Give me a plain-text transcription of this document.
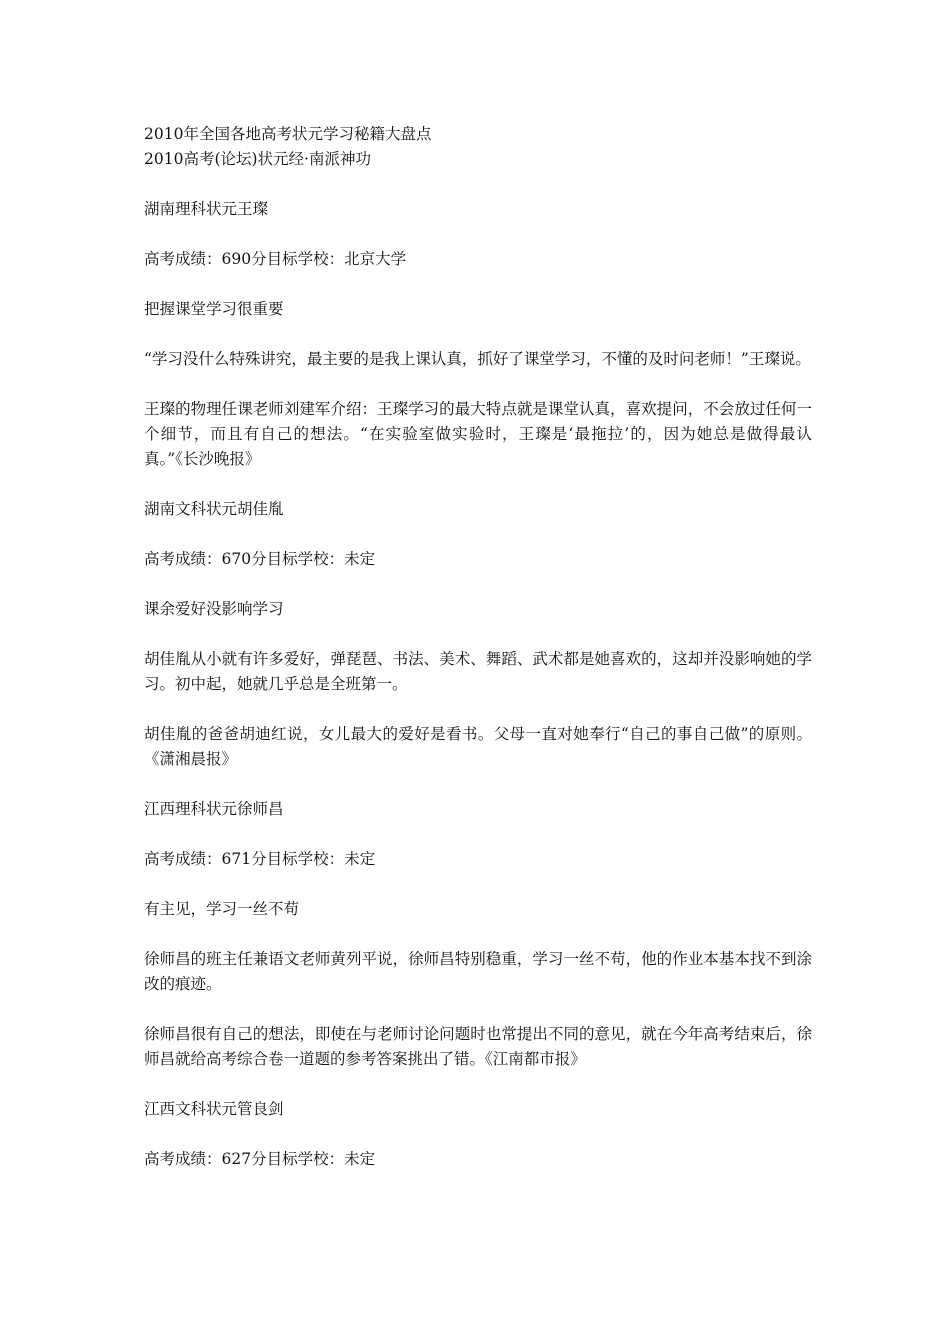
2010年全国各地高考状元学习秘籍大盘点

2010高考(论坛)状元经·南派神功

湖南理科状元王璨

高考成绩：690分目标学校：北京大学

把握课堂学习很重要

“学习没什么特殊讲究，最主要的是我上课认真，抓好了课堂学习，不懂的及时问老师！”王璨说。

王璨的物理任课老师刘建军介绍：王璨学习的最大特点就是课堂认真，喜欢提问，不会放过任何一个细节，而且有自己的想法。“在实验室做实验时，王璨是‘最拖拉’的，因为她总是做得最认真。”《长沙晚报》

湖南文科状元胡佳胤

高考成绩：670分目标学校：未定

课余爱好没影响学习

胡佳胤从小就有许多爱好，弹琵琶、书法、美术、舞蹈、武术都是她喜欢的，这却并没影响她的学习。初中起，她就几乎总是全班第一。

胡佳胤的爸爸胡迪红说，女儿最大的爱好是看书。父母一直对她奉行“自己的事自己做”的原则。《潇湘晨报》

江西理科状元徐师昌

高考成绩：671分目标学校：未定

有主见，学习一丝不苟

徐师昌的班主任兼语文老师黄列平说，徐师昌特别稳重，学习一丝不苟，他的作业本基本找不到涂改的痕迹。

徐师昌很有自己的想法，即使在与老师讨论问题时也常提出不同的意见，就在今年高考结束后，徐师昌就给高考综合卷一道题的参考答案挑出了错。《江南都市报》

江西文科状元管良剑

高考成绩：627分目标学校：未定
